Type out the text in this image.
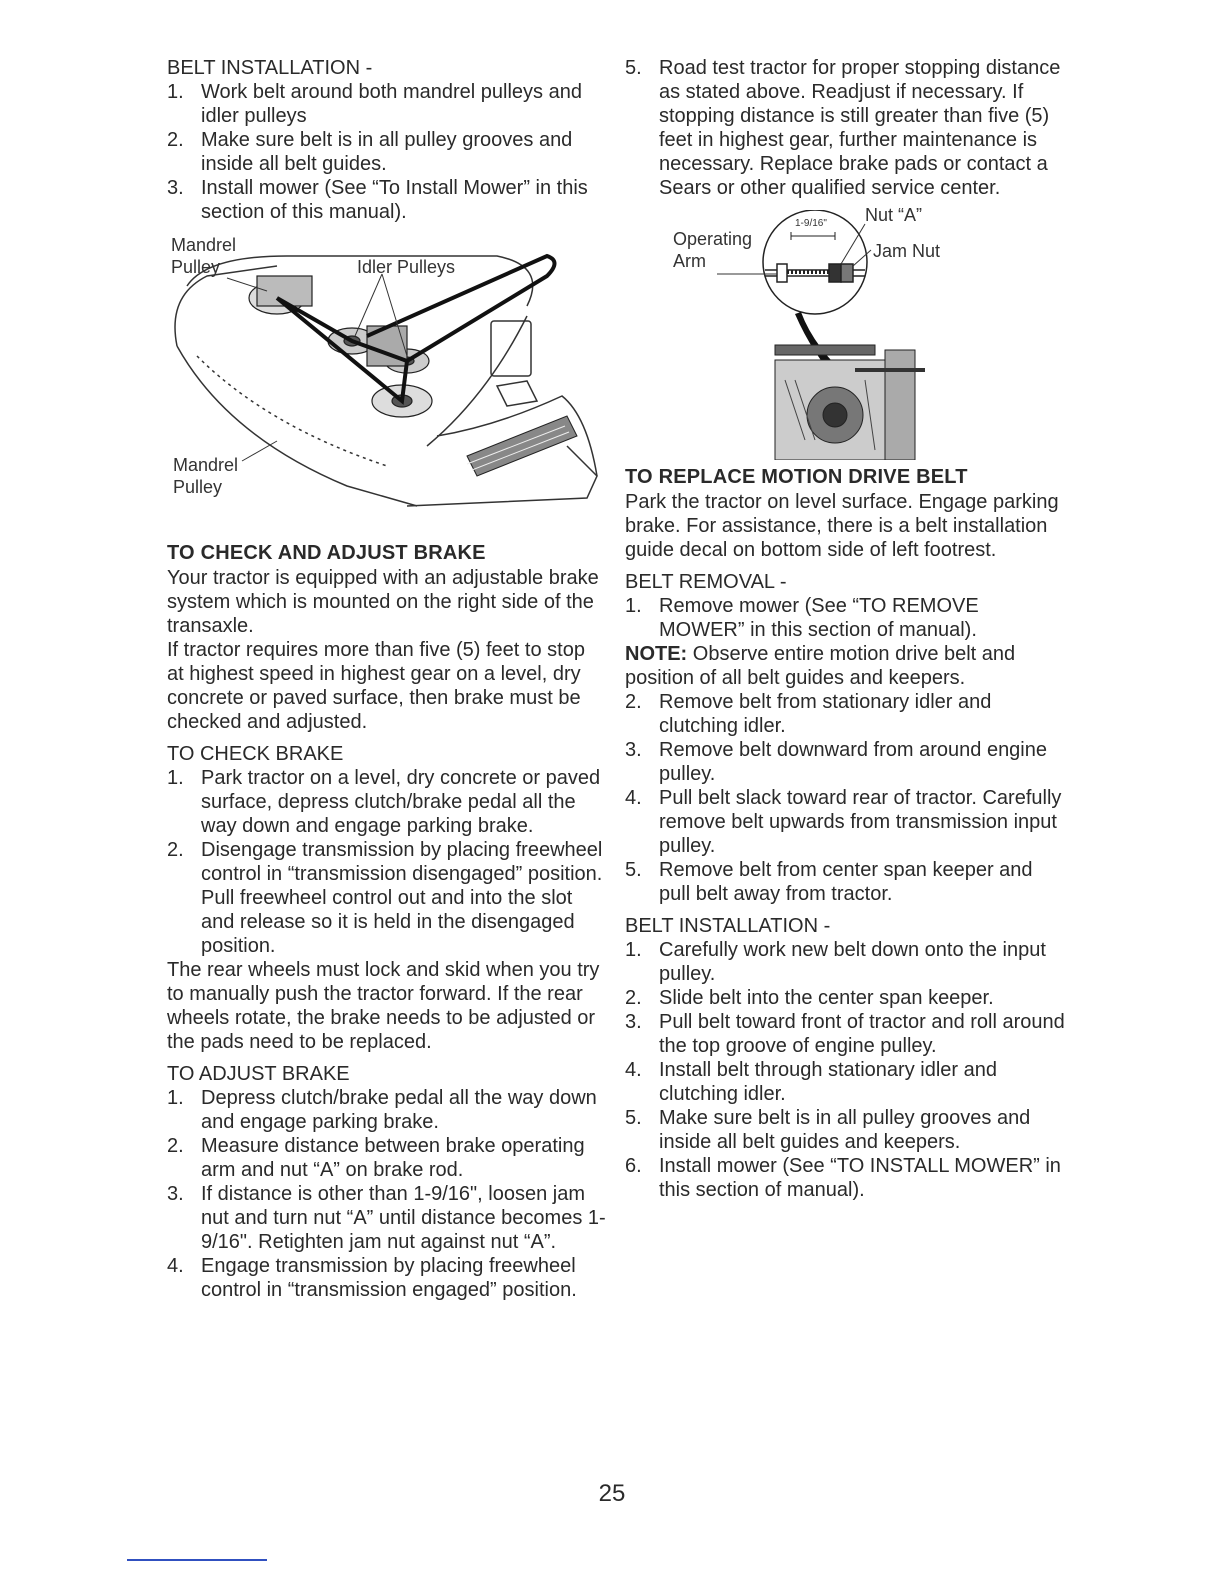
BELT INSTALLATION -

1. Work belt around both mandrel pulleys and idler pulleys
2. Make sure belt is in all pulley grooves and inside all belt guides.
3. Install mower (See “To Install Mower” in this section of this manual).
Mandrel
Pulley	Idler Pulleys
Mandrel
Pulley

TO CHECK AND ADJUST BRAKE

Your tractor is equipped with an adjustable brake system which is mounted on the right side of the transaxle.

If tractor requires more than five (5) feet to stop at highest speed in highest gear on a level, dry concrete or paved surface, then brake must be checked and adjusted.

TO CHECK BRAKE

1. Park tractor on a level, dry concrete or paved surface, depress clutch/brake pedal all the way down and engage parking brake.
2. Disengage transmission by placing freewheel control in “transmission disengaged” position. Pull freewheel control out and into the slot and release so it is held in the disengaged position.

The rear wheels must lock and skid when you try to manually push the tractor forward. If the rear wheels rotate, the brake needs to be adjusted or the pads need to be replaced.

TO ADJUST BRAKE

1. Depress clutch/brake pedal all the way down and engage parking brake.
2. Measure distance between brake operating arm and nut “A” on brake rod.
3. If distance is other than 1-9/16", loosen jam nut and turn nut “A” until distance becomes 1-9/16". Retighten jam nut against nut “A”.
4. Engage transmission by placing freewheel control in “transmission engaged” position.
5. Road test tractor for proper stopping distance as stated above. Readjust if necessary. If stopping distance is still greater than five (5) feet in highest gear, further maintenance is necessary. Replace brake pads or contact a Sears or other qualified service center.
Operating
Arm
Nut “A”
Jam Nut
1-9/16"

TO REPLACE MOTION DRIVE BELT

Park the tractor on level surface. Engage parking brake. For assistance, there is a belt installation guide decal on bottom side of left footrest.

BELT REMOVAL -

1. Remove mower (See “TO REMOVE MOWER” in this section of manual).

NOTE: Observe entire motion drive belt and position of all belt guides and keepers.

2. Remove belt from stationary idler and clutching idler.
3. Remove belt downward from around engine pulley.
4. Pull belt slack toward rear of tractor. Carefully remove belt upwards from transmission input pulley.
5. Remove belt from center span keeper and pull belt away from tractor.

BELT INSTALLATION -

1. Carefully work new belt down onto the input pulley.
2. Slide belt into the center span keeper.
3. Pull belt toward front of tractor and roll around the top groove of engine pulley.
4. Install belt through stationary idler and clutching idler.
5. Make sure belt is in all pulley grooves and inside all belt guides and keepers.
6. Install mower (See “TO INSTALL MOWER” in this section of manual).
25
